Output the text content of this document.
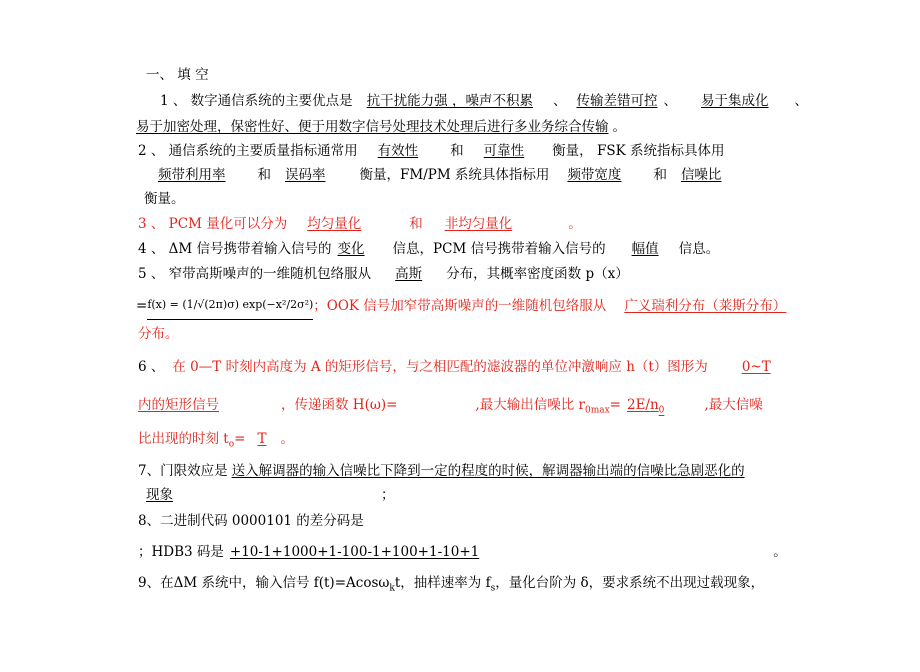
一、 填 空
1 、 数字通信系统的主要优点是 抗干扰能力强 ，噪声不积累 、 传输差错可控 、 易于集成化 、
易于加密处理，保密性好、便于用数字信号处理技术处理后进行多业务综合传输 。
2 、 通信系统的主要质量指标通常用 有效性 和 可靠性 衡量， FSK 系统指标具体用
频带利用率 和 误码率	衡量，FM/PM 系统具体指标用 频带宽度 和 信噪比
衡量。
3 、 PCM 量化可以分为 均匀量化	和 非均匀量化	。
4 、 ΔM 信号携带着输入信号的 变化 信息，PCM 信号携带着输入信号的 幅值 信息。
5 、 窄带高斯噪声的一维随机包络服从 高斯 分布，其概率密度函数 p（x）
=f(x) = (1/√(2π)σ) exp(−x²/2σ²)；OOK 信号加窄带高斯噪声的一维随机包络服从 广义瑞利分布（莱斯分布）
分布。
6 、 在 0—T 时刻内高度为 A 的矩形信号，与之相匹配的滤波器的单位冲激响应 h（t）图形为	0~T
内的矩形信号	，传递函数 H(ω)=	,最大输出信噪比 $r_{0max}= 2E/n_0$	,最大信噪
比出现的时刻 $t_o= T$ 。
7、门限效应是 送入解调器的输入信噪比下降到一定的程度的时候，解调器输出端的信噪比急剧恶化的
现象	；
8、二进制代码 0000101 的差分码是
；HDB3 码是 +10-1+1000+1-100-1+100+1-10+1	。
9、在ΔM 系统中，输入信号 f(t)=Acosω$_k$t，抽样速率为 $f_s$，量化台阶为 δ，要求系统不出现过载现象，
